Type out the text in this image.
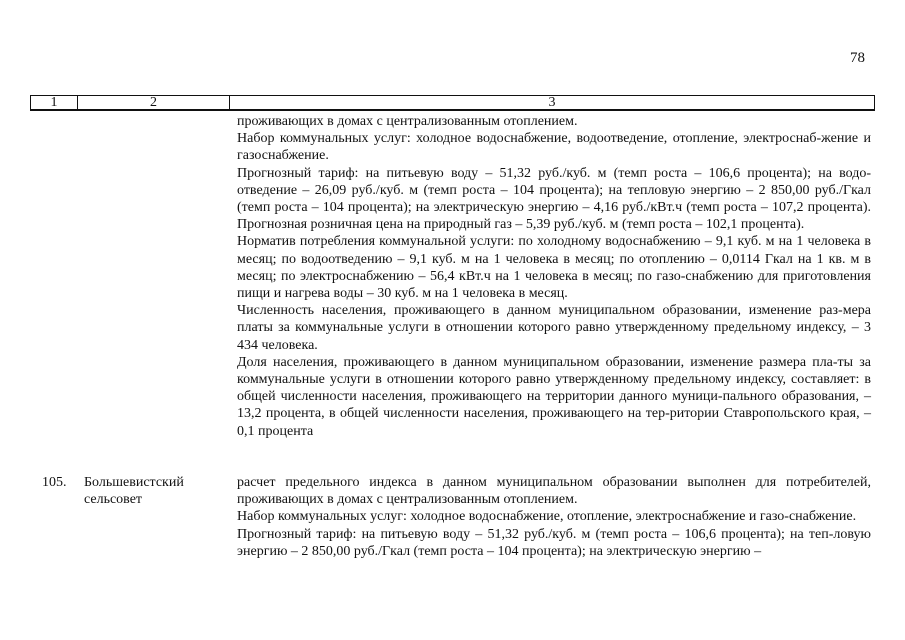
78
1	2	3

проживающих в домах с централизованным отоплением.

Набор коммунальных услуг: холодное водоснабжение, водоотведение, отопление, электроснаб-жение и газоснабжение.

Прогнозный тариф: на питьевую воду – 51,32 руб./куб. м (темп роста – 106,6 процента); на водо-отведение – 26,09 руб./куб. м (темп роста – 104 процента); на тепловую энергию – 2 850,00 руб./Гкал (темп роста – 104 процента); на электрическую энергию – 4,16 руб./кВт.ч (темп роста – 107,2 процента). Прогнозная розничная цена на природный газ – 5,39 руб./куб. м (темп роста – 102,1 процента).

Норматив потребления коммунальной услуги: по холодному водоснабжению – 9,1 куб. м на 1 человека в месяц; по водоотведению – 9,1 куб. м на 1 человека в месяц; по отоплению – 0,0114 Гкал на 1 кв. м в месяц; по электроснабжению – 56,4 кВт.ч на 1 человека в месяц; по газо-снабжению для приготовления пищи и нагрева воды – 30 куб. м на 1 человека в месяц.

Численность населения, проживающего в данном муниципальном образовании, изменение раз-мера платы за коммунальные услуги в отношении которого равно утвержденному предельному индексу, – 3 434 человека.

Доля населения, проживающего в данном муниципальном образовании, изменение размера пла-ты за коммунальные услуги в отношении которого равно утвержденному предельному индексу, составляет: в общей численности населения, проживающего на территории данного муници-пального образования, – 13,2 процента, в общей численности населения, проживающего на тер-ритории Ставропольского края, – 0,1 процента

105. Большевистский
сельсовет

расчет предельного индекса в данном муниципальном образовании выполнен для потребителей, проживающих в домах с централизованным отоплением.

Набор коммунальных услуг: холодное водоснабжение, отопление, электроснабжение и газо-снабжение.

Прогнозный тариф: на питьевую воду – 51,32 руб./куб. м (темп роста – 106,6 процента); на теп-ловую энергию – 2 850,00 руб./Гкал (темп роста – 104 процента); на электрическую энергию –
